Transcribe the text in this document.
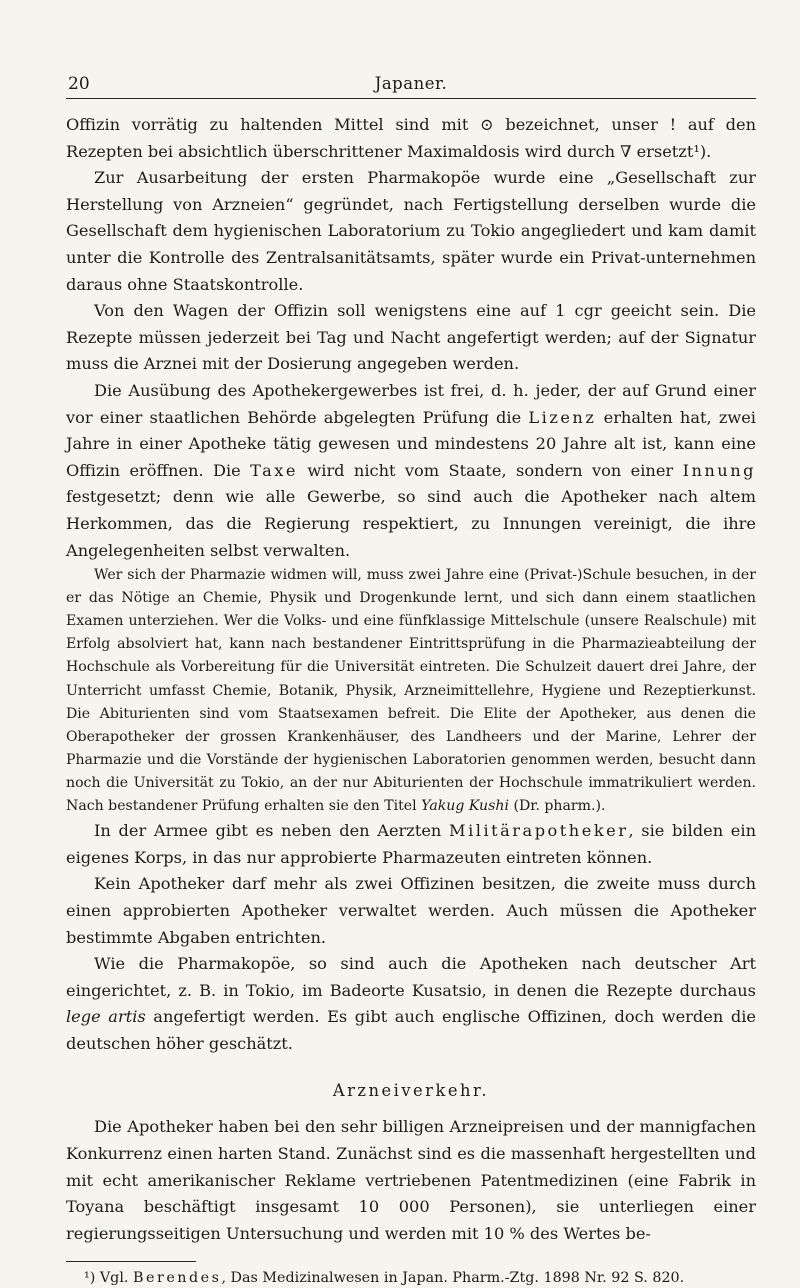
20	Japaner.

Offizin vorrätig zu haltenden Mittel sind mit ⊙ bezeichnet, unser ! auf den Rezepten bei absichtlich überschrittener Maximaldosis wird durch ∇ ersetzt¹).

Zur Ausarbeitung der ersten Pharmakopöe wurde eine „Gesellschaft zur Herstellung von Arzneien“ gegründet, nach Fertigstellung derselben wurde die Gesellschaft dem hygienischen Laboratorium zu Tokio angegliedert und kam damit unter die Kontrolle des Zentralsanitätsamts, später wurde ein Privat-unternehmen daraus ohne Staatskontrolle.

Von den Wagen der Offizin soll wenigstens eine auf 1 cgr geeicht sein. Die Rezepte müssen jederzeit bei Tag und Nacht angefertigt werden; auf der Signatur muss die Arznei mit der Dosierung angegeben werden.

Die Ausübung des Apothekergewerbes ist frei, d. h. jeder, der auf Grund einer vor einer staatlichen Behörde abgelegten Prüfung die Lizenz erhalten hat, zwei Jahre in einer Apotheke tätig gewesen und mindestens 20 Jahre alt ist, kann eine Offizin eröffnen. Die Taxe wird nicht vom Staate, sondern von einer Innung festgesetzt; denn wie alle Gewerbe, so sind auch die Apotheker nach altem Herkommen, das die Regierung respektiert, zu Innungen vereinigt, die ihre Angelegenheiten selbst verwalten.

Wer sich der Pharmazie widmen will, muss zwei Jahre eine (Privat-)Schule besuchen, in der er das Nötige an Chemie, Physik und Drogenkunde lernt, und sich dann einem staatlichen Examen unterziehen. Wer die Volks- und eine fünfklassige Mittelschule (unsere Realschule) mit Erfolg absolviert hat, kann nach bestandener Eintrittsprüfung in die Pharmazieabteilung der Hochschule als Vorbereitung für die Universität eintreten. Die Schulzeit dauert drei Jahre, der Unterricht umfasst Chemie, Botanik, Physik, Arzneimittellehre, Hygiene und Rezeptierkunst. Die Abiturienten sind vom Staatsexamen befreit. Die Elite der Apotheker, aus denen die Oberapotheker der grossen Krankenhäuser, des Landheers und der Marine, Lehrer der Pharmazie und die Vorstände der hygienischen Laboratorien genommen werden, besucht dann noch die Universität zu Tokio, an der nur Abiturienten der Hochschule immatrikuliert werden. Nach bestandener Prüfung erhalten sie den Titel Yakug Kushi (Dr. pharm.).

In der Armee gibt es neben den Aerzten Militärapotheker, sie bilden ein eigenes Korps, in das nur approbierte Pharmazeuten eintreten können.

Kein Apotheker darf mehr als zwei Offizinen besitzen, die zweite muss durch einen approbierten Apotheker verwaltet werden. Auch müssen die Apotheker bestimmte Abgaben entrichten.

Wie die Pharmakopöe, so sind auch die Apotheken nach deutscher Art eingerichtet, z. B. in Tokio, im Badeorte Kusatsio, in denen die Rezepte durchaus lege artis angefertigt werden. Es gibt auch englische Offizinen, doch werden die deutschen höher geschätzt.

Arzneiverkehr.

Die Apotheker haben bei den sehr billigen Arzneipreisen und der mannigfachen Konkurrenz einen harten Stand. Zunächst sind es die massenhaft hergestellten und mit echt amerikanischer Reklame vertriebenen Patentmedizinen (eine Fabrik in Toyana beschäftigt insgesamt 10 000 Personen), sie unterliegen einer regierungsseitigen Untersuchung und werden mit 10 % des Wertes be-

¹) Vgl. Berendes, Das Medizinalwesen in Japan. Pharm.-Ztg. 1898 Nr. 92 S. 820.
